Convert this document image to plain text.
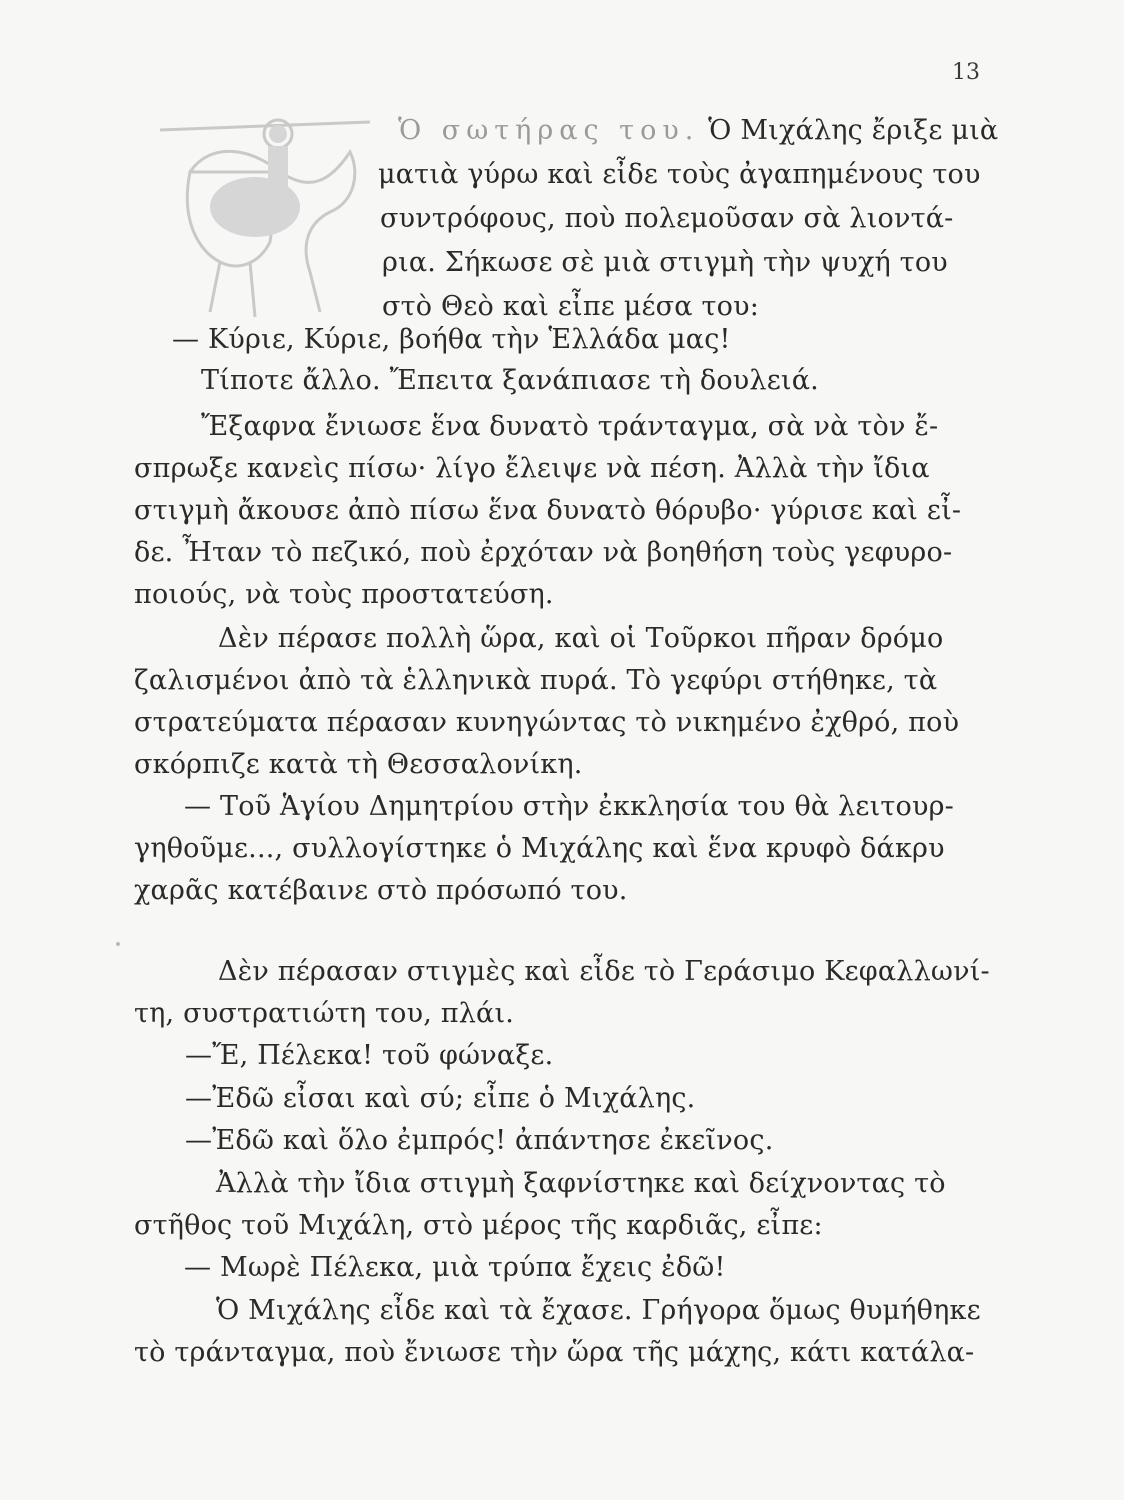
13
Ὁ σωτήρας του. Ὁ Μιχάλης ἔριξε μιὰ
ματιὰ γύρω καὶ εἶδε τοὺς ἀγαπημένους του
συντρόφους, ποὺ πολεμοῦσαν σὰ λιοντά-
ρια. Σήκωσε σὲ μιὰ στιγμὴ τὴν ψυχή του
στὸ Θεὸ καὶ εἶπε μέσα του:
— Κύριε, Κύριε, βοήθα τὴν Ἑλλάδα μας!
Τίποτε ἄλλο. Ἔπειτα ξανάπιασε τὴ δουλειά.
Ἔξαφνα ἔνιωσε ἕνα δυνατὸ τράνταγμα, σὰ νὰ τὸν ἔ-
σπρωξε κανεὶς πίσω· λίγο ἔλειψε νὰ πέση. Ἀλλὰ τὴν ἴδια
στιγμὴ ἄκουσε ἀπὸ πίσω ἕνα δυνατὸ θόρυβο· γύρισε καὶ εἶ-
δε. Ἦταν τὸ πεζικό, ποὺ ἐρχόταν νὰ βοηθήση τοὺς γεφυρο-
ποιούς, νὰ τοὺς προστατεύση.
Δὲν πέρασε πολλὴ ὥρα, καὶ οἱ Τοῦρκοι πῆραν δρόμο
ζαλισμένοι ἀπὸ τὰ ἑλληνικὰ πυρά. Τὸ γεφύρι στήθηκε, τὰ
στρατεύματα πέρασαν κυνηγώντας τὸ νικημένο ἐχθρό, ποὺ
σκόρπιζε κατὰ τὴ Θεσσαλονίκη.
— Τοῦ Ἁγίου Δημητρίου στὴν ἐκκλησία του θὰ λειτουρ-
γηθοῦμε..., συλλογίστηκε ὁ Μιχάλης καὶ ἕνα κρυφὸ δάκρυ
χαρᾶς κατέβαινε στὸ πρόσωπό του.
Δὲν πέρασαν στιγμὲς καὶ εἶδε τὸ Γεράσιμο Κεφαλλωνί-
τη, συστρατιώτη του, πλάι.
—Ἔ, Πέλεκα! τοῦ φώναξε.
—Ἐδῶ εἶσαι καὶ σύ; εἶπε ὁ Μιχάλης.
—Ἐδῶ καὶ ὅλο ἐμπρός! ἀπάντησε ἐκεῖνος.
Ἀλλὰ τὴν ἴδια στιγμὴ ξαφνίστηκε καὶ δείχνοντας τὸ
στῆθος τοῦ Μιχάλη, στὸ μέρος τῆς καρδιᾶς, εἶπε:
— Μωρὲ Πέλεκα, μιὰ τρύπα ἔχεις ἐδῶ!
Ὁ Μιχάλης εἶδε καὶ τὰ ἔχασε. Γρήγορα ὅμως θυμήθηκε
τὸ τράνταγμα, ποὺ ἔνιωσε τὴν ὥρα τῆς μάχης, κάτι κατάλα-
